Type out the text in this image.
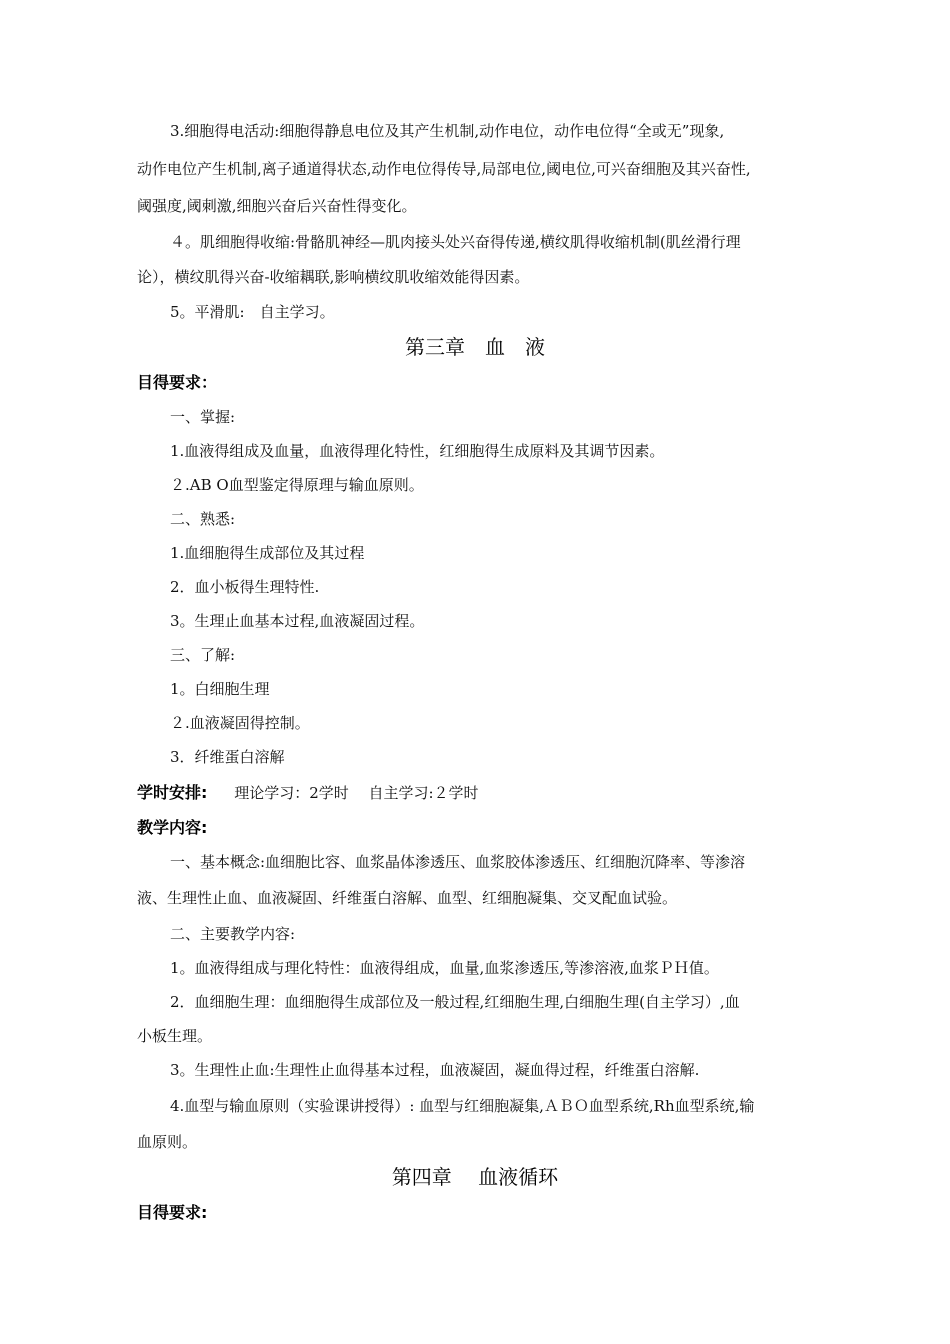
3.细胞得电活动:细胞得静息电位及其产生机制,动作电位，动作电位得“全或无”现象,
动作电位产生机制,离子通道得状态,动作电位得传导,局部电位,阈电位,可兴奋细胞及其兴奋性,
阈强度,阈刺激,细胞兴奋后兴奋性得变化。
４。肌细胞得收缩:骨骼肌神经—肌肉接头处兴奋得传递,横纹肌得收缩机制(肌丝滑行理
论），横纹肌得兴奋-收缩耦联,影响横纹肌收缩效能得因素。
5。平滑肌:　自主学习。
第三章　血　液
目得要求：
一、掌握:
1.血液得组成及血量，血液得理化特性，红细胞得生成原料及其调节因素。
２.AB O血型鉴定得原理与输血原则。
二、熟悉:
1.血细胞得生成部位及其过程
2．血小板得生理特性.
3。生理止血基本过程,血液凝固过程。
三、了解:
1。白细胞生理
２.血液凝固得控制。
3．纤维蛋白溶解
学时安排: 理论学习：2学时　 自主学习:２学时
教学内容:
一、基本概念:血细胞比容、血浆晶体渗透压、血浆胶体渗透压、红细胞沉降率、等渗溶
液、生理性止血、血液凝固、纤维蛋白溶解、血型、红细胞凝集、交叉配血试验。
二、主要教学内容:
1。血液得组成与理化特性：血液得组成，血量,血浆渗透压,等渗溶液,血浆ＰＨ值。
2．血细胞生理：血细胞得生成部位及一般过程,红细胞生理,白细胞生理(自主学习）,血
小板生理。
3。生理性止血:生理性止血得基本过程，血液凝固，凝血得过程，纤维蛋白溶解.
4.血型与输血原则（实验课讲授得）: 血型与红细胞凝集,ＡＢＯ血型系统,Rh血型系统,输
血原则。
第四章　 血液循环
目得要求:
